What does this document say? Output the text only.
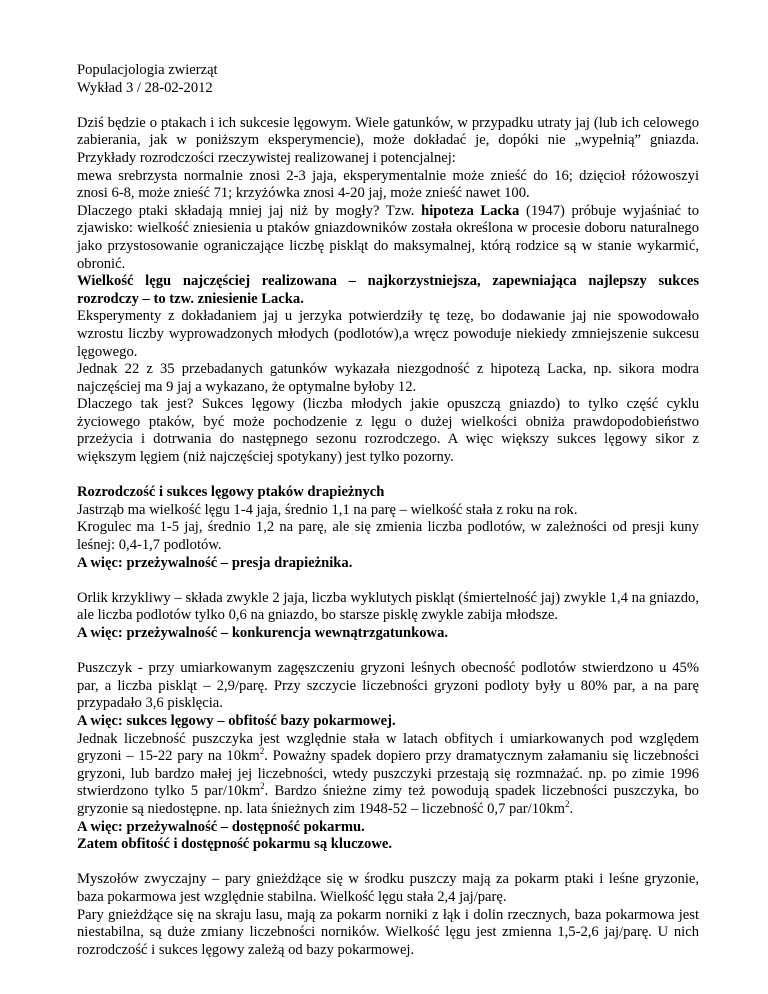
Populacjologia zwierząt

Wykład 3 / 28-02-2012

Dziś będzie o ptakach i ich sukcesie lęgowym. Wiele gatunków, w przypadku utraty jaj (lub ich celowego zabierania, jak w poniższym eksperymencie), może dokładać je, dopóki nie „wypełnią” gniazda. Przykłady rozrodczości rzeczywistej realizowanej i potencjalnej:

mewa srebrzysta normalnie znosi 2-3 jaja, eksperymentalnie może znieść do 16; dzięcioł różowoszyi znosi 6-8, może znieść 71; krzyżówka znosi 4-20 jaj, może znieść nawet 100.

Dlaczego ptaki składają mniej jaj niż by mogły? Tzw. hipoteza Lacka (1947) próbuje wyjaśniać to zjawisko: wielkość zniesienia u ptaków gniazdowników została określona w procesie doboru naturalnego jako przystosowanie ograniczające liczbę piskląt do maksymalnej, którą rodzice są w stanie wykarmić, obronić.

Wielkość lęgu najczęściej realizowana – najkorzystniejsza, zapewniająca najlepszy sukces rozrodczy – to tzw. zniesienie Lacka.

Eksperymenty z dokładaniem jaj u jerzyka potwierdziły tę tezę, bo dodawanie jaj nie spowodowało wzrostu liczby wyprowadzonych młodych (podlotów),a wręcz powoduje niekiedy zmniejszenie sukcesu lęgowego.

Jednak 22 z 35 przebadanych gatunków wykazała niezgodność z hipotezą Lacka, np. sikora modra najczęściej ma 9 jaj a wykazano, że optymalne byłoby 12.

Dlaczego tak jest? Sukces lęgowy (liczba młodych jakie opuszczą gniazdo) to tylko część cyklu życiowego ptaków, być może pochodzenie z lęgu o dużej wielkości obniża prawdopodobieństwo przeżycia i dotrwania do następnego sezonu rozrodczego. A więc większy sukces lęgowy sikor z większym lęgiem (niż najczęściej spotykany) jest tylko pozorny.

Rozrodczość i sukces lęgowy ptaków drapieżnych

Jastrząb ma wielkość lęgu 1-4 jaja, średnio 1,1 na parę – wielkość stała z roku na rok.

Krogulec ma 1-5 jaj, średnio 1,2 na parę, ale się zmienia liczba podlotów, w zależności od presji kuny leśnej: 0,4-1,7 podlotów.

A więc: przeżywalność – presja drapieżnika.

Orlik krzykliwy – składa zwykle 2 jaja, liczba wyklutych piskląt (śmiertelność jaj) zwykle 1,4 na gniazdo, ale liczba podlotów tylko 0,6 na gniazdo, bo starsze pisklę zwykle zabija młodsze.

A więc: przeżywalność – konkurencja wewnątrzgatunkowa.

Puszczyk - przy umiarkowanym zagęszczeniu gryzoni leśnych obecność podlotów stwierdzono u 45% par, a liczba piskląt – 2,9/parę. Przy szczycie liczebności gryzoni podloty były u 80% par, a na parę przypadało 3,6 pisklęcia.

A więc: sukces lęgowy – obfitość bazy pokarmowej.

Jednak liczebność puszczyka jest względnie stała w latach obfitych i umiarkowanych pod względem gryzoni – 15-22 pary na $10km^2$. Poważny spadek dopiero przy dramatycznym załamaniu się liczebności gryzoni, lub bardzo małej jej liczebności, wtedy puszczyki przestają się rozmnażać. np. po zimie 1996 stwierdzono tylko 5 par/$10km^2$. Bardzo śnieżne zimy też powodują spadek liczebności puszczyka, bo gryzonie są niedostępne. np. lata śnieżnych zim 1948-52 – liczebność 0,7 par/$10km^2$.

A więc: przeżywalność – dostępność pokarmu.

Zatem obfitość i dostępność pokarmu są kluczowe.

Myszołów zwyczajny – pary gnieżdżące się w środku puszczy mają za pokarm ptaki i leśne gryzonie, baza pokarmowa jest względnie stabilna. Wielkość lęgu stała 2,4 jaj/parę.

Pary gnieżdżące się na skraju lasu, mają za pokarm norniki z łąk i dolin rzecznych, baza pokarmowa jest niestabilna, są duże zmiany liczebności norników. Wielkość lęgu jest zmienna 1,5-2,6 jaj/parę. U nich rozrodczość i sukces lęgowy zależą od bazy pokarmowej.
